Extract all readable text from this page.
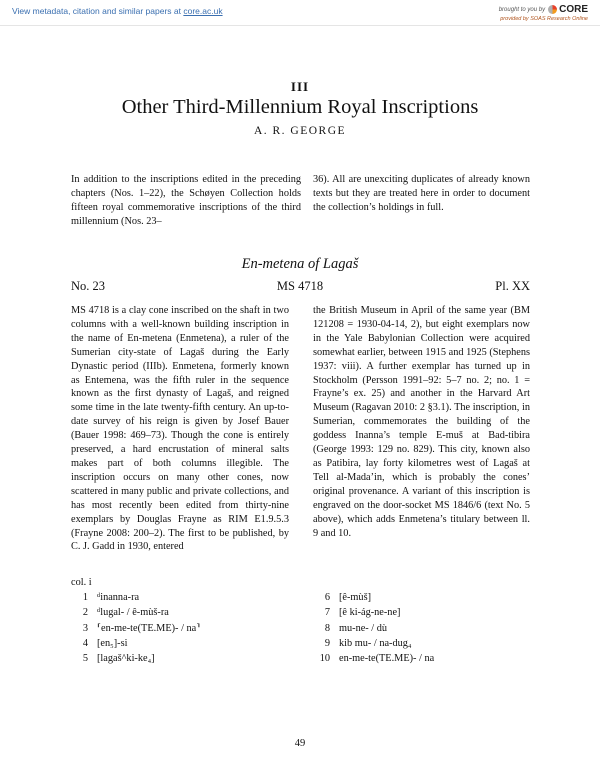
View metadata, citation and similar papers at core.ac.uk	brought to you by CORE
provided by SOAS Research Online
III
Other Third-Millennium Royal Inscriptions
A. R. GEORGE

In addition to the inscriptions edited in the preceding chapters (Nos. 1–22), the Schøyen Collection holds fifteen royal commemorative inscriptions of the third millennium (Nos. 23–

36). All are unexciting duplicates of already known texts but they are treated here in order to document the collection’s holdings in full.

En-metena of Lagaš
No. 23	MS 4718	Pl. XX

MS 4718 is a clay cone inscribed on the shaft in two columns with a well-known building inscription in the name of En-metena (Enmetena), a ruler of the Sumerian city-state of Lagaš during the Early Dynastic period (IIIb). Enmetena, formerly known as Entemena, was the fifth ruler in the sequence known as the first dynasty of Lagaš, and reigned some time in the late twenty-fifth century. An up-to-date survey of his reign is given by Josef Bauer (Bauer 1998: 469–73). Though the cone is entirely preserved, a hard encrustation of mineral salts makes part of both columns illegible. The inscription occurs on many other cones, now scattered in many public and private collections, and has most recently been edited from thirty-nine exemplars by Douglas Frayne as RIM E1.9.5.3 (Frayne 2008: 200–2). The first to be published, by C. J. Gadd in 1930, entered

the British Museum in April of the same year (BM 121208 = 1930-04-14, 2), but eight exemplars now in the Yale Babylonian Collection were acquired somewhat earlier, between 1915 and 1925 (Stephens 1937: viii). A further exemplar has turned up in Stockholm (Persson 1991–92: 5–7 no. 2; no. 1 = Frayne’s ex. 25) and another in the Harvard Art Museum (Ragavan 2010: 2 §3.1). The inscription, in Sumerian, commemorates the building of the goddess Inanna’s temple E-muš at Bad-tibira (George 1993: 129 no. 829). This city, known also as Patibira, lay forty kilometres west of Lagaš at Tell al-Mada’in, which is probably the cones’ original provenance. A variant of this inscription is engraved on the door-socket MS 1846/6 (text No. 5 above), which adds Enmetena’s titulary between ll. 9 and 10.

col. i
1 ᵈinanna-ra
2 ᵈlugal- / ê-mùš-ra
3 ⸢en-me-te(TE.ME)- / na⸣
4 [en₅]-si
5 [lagaš^ki-ke₄]
6 [ê-mùš]
7 [ê ki-ág-ne-ne]
8 mu-ne- / dù
9 kib mu- / na-dug₄
10 en-me-te(TE.ME)- / na
49
